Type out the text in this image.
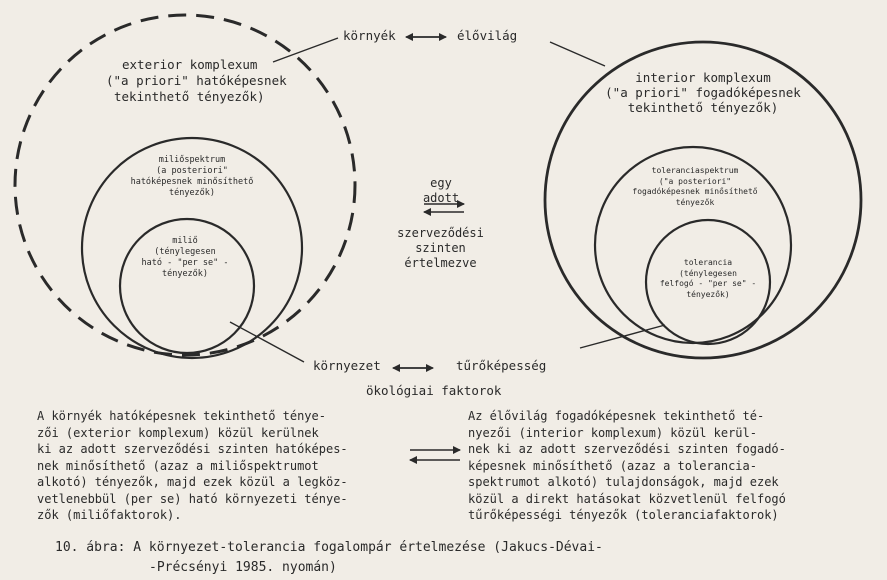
környék	élővilág
exterior komplexum
("a priori" hatóképesnek
tekinthető tényezők)
miliőspektrum
(a posteriori"
hatóképesnek minősíthető
tényezők)
miliő
(ténylegesen
ható - "per se" -
tényezők)
interior komplexum
("a priori" fogadóképesnek
tekinthető tényezők)
toleranciaspektrum
("a posteriori"
fogadóképesnek minősíthető
tényezők
tolerancia
(ténylegesen
felfogó - "per se" -
tényezők)
egy
adott
szerveződési
szinten
értelmezve
környezet	tűrőképesség
ökológiai faktorok
A környék hatóképesnek tekinthető ténye-
zői (exterior komplexum) közül kerülnek
ki az adott szerveződési szinten hatóképes-
nek minősíthető (azaz a miliőspektrumot
alkotó) tényezők, majd ezek közül a legköz-
vetlenebbül (per se) ható környezeti ténye-
zők (miliőfaktorok).
Az élővilág fogadóképesnek tekinthető té-
nyezői (interior komplexum) közül kerül-
nek ki az adott szerveződési szinten fogadó-
képesnek minősíthető (azaz a tolerancia-
spektrumot alkotó) tulajdonságok, majd ezek
közül a direkt hatásokat közvetlenül felfogó
tűrőképességi tényezők (toleranciafaktorok)
10. ábra: A környezet-tolerancia fogalompár értelmezése (Jakucs-Dévai-
-Précsényi 1985. nyomán)
